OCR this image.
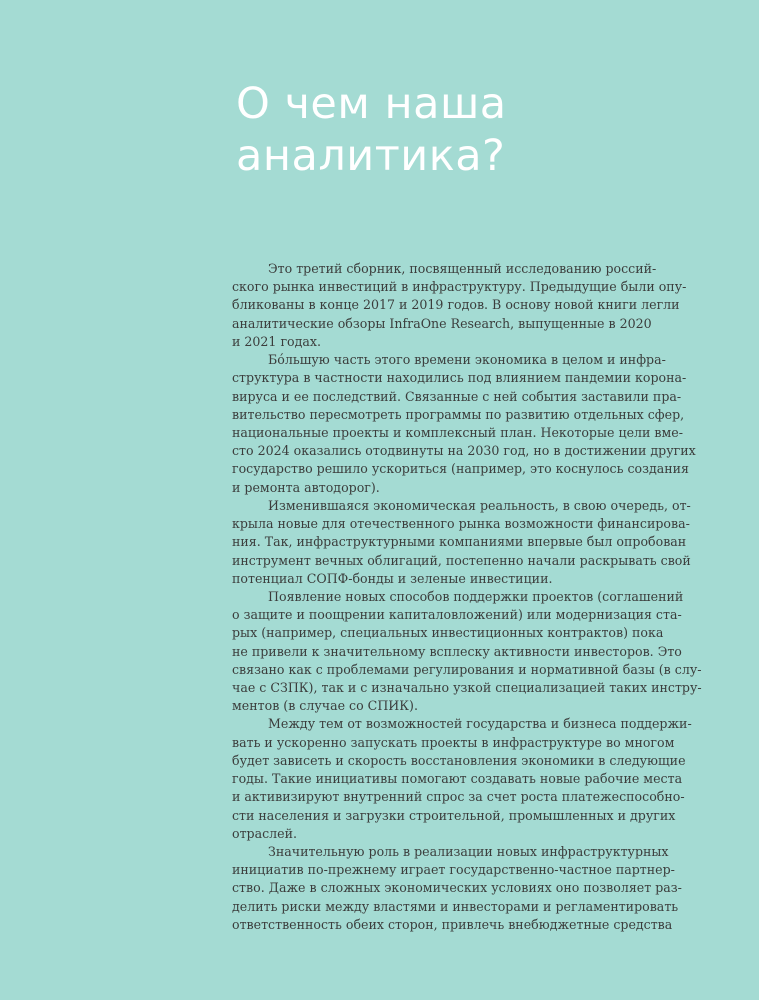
О чем наша
аналитика?
Это третий сборник, посвященный исследованию россий-
ского рынка инвестиций в инфраструктуру. Предыдущие были опу-
бликованы в конце 2017 и 2019 годов. В основу новой книги легли
аналитические обзоры InfraOne Research, выпущенные в 2020
и 2021 годах.
Бóльшую часть этого времени экономика в целом и инфра-
структура в частности находились под влиянием пандемии корона-
вируса и ее последствий. Связанные с ней события заставили пра-
вительство пересмотреть программы по развитию отдельных сфер,
национальные проекты и комплексный план. Некоторые цели вме-
сто 2024 оказались отодвинуты на 2030 год, но в достижении других
государство решило ускориться (например, это коснулось создания
и ремонта автодорог).
Изменившаяся экономическая реальность, в свою очередь, от-
крыла новые для отечественного рынка возможности финансирова-
ния. Так, инфраструктурными компаниями впервые был опробован
инструмент вечных облигаций, постепенно начали раскрывать свой
потенциал СОПФ-бонды и зеленые инвестиции.
Появление новых способов поддержки проектов (соглашений
о защите и поощрении капиталовложений) или модернизация ста-
рых (например, специальных инвестиционных контрактов) пока
не привели к значительному всплеску активности инвесторов. Это
связано как с проблемами регулирования и нормативной базы (в слу-
чае с СЗПК), так и с изначально узкой специализацией таких инстру-
ментов (в случае со СПИК).
Между тем от возможностей государства и бизнеса поддержи-
вать и ускоренно запускать проекты в инфраструктуре во многом
будет зависеть и скорость восстановления экономики в следующие
годы. Такие инициативы помогают создавать новые рабочие места
и активизируют внутренний спрос за счет роста платежеспособно-
сти населения и загрузки строительной, промышленных и других
отраслей.
Значительную роль в реализации новых инфраструктурных
инициатив по-прежнему играет государственно-частное партнер-
ство. Даже в сложных экономических условиях оно позволяет раз-
делить риски между властями и инвесторами и регламентировать
ответственность обеих сторон, привлечь внебюджетные средства
